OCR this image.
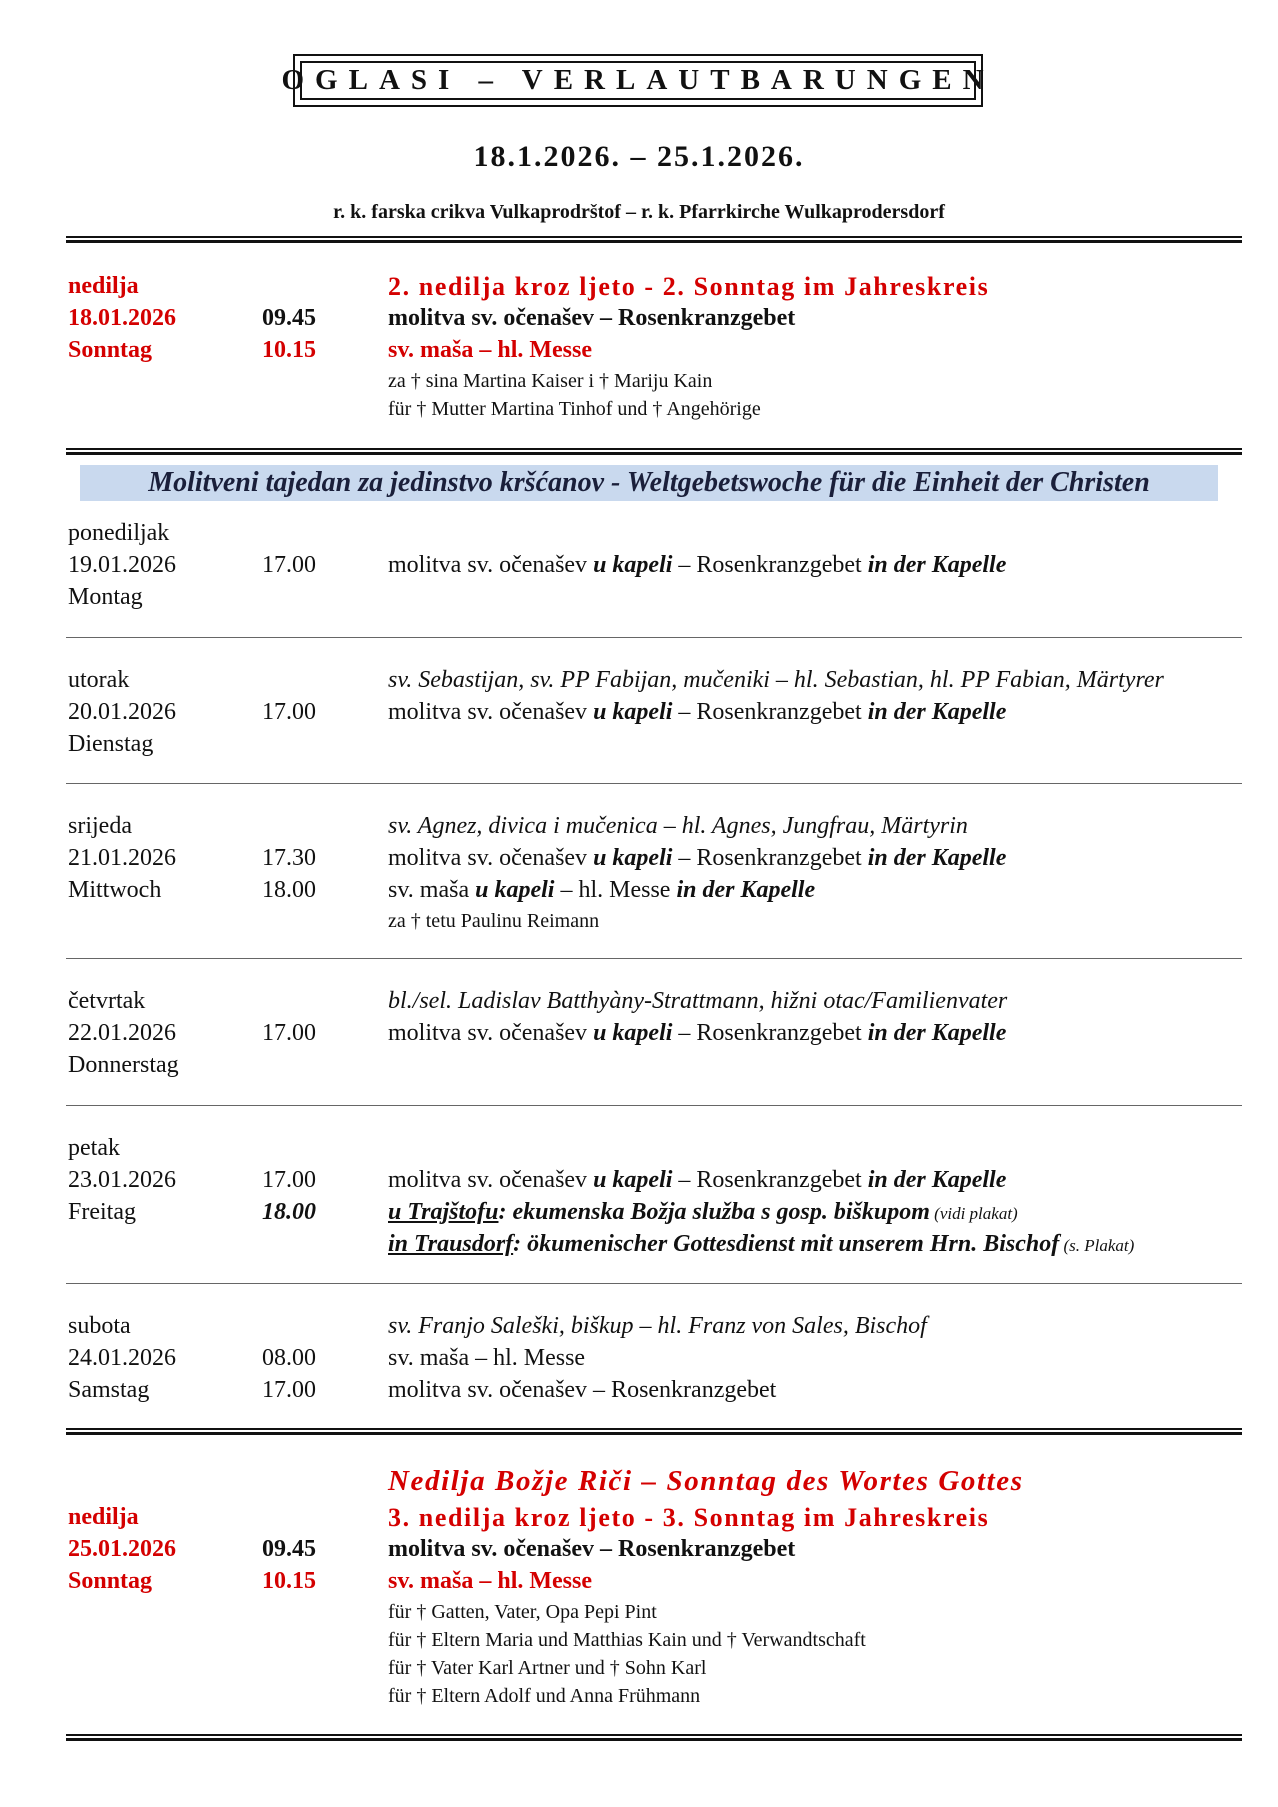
OGLASI – VERLAUTBARUNGEN
18.1.2026. – 25.1.2026.
r. k. farska crikva Vulkaprodrštof – r. k. Pfarrkirche Wulkaprodersdorf
nedilja
18.01.2026
Sonntag
09.45
10.15
2. nedilja kroz ljeto - 2. Sonntag im Jahreskreis
molitva sv. očenašev – Rosenkranzgebet
sv. maša – hl. Messe
za † sina Martina Kaiser i † Mariju Kain
für † Mutter Martina Tinhof und † Angehörige
Molitveni tajedan za jedinstvo kršćanov - Weltgebetswoche für die Einheit der Christen
ponediljak
19.01.2026
Montag
17.00	molitva sv. očenašev u kapeli – Rosenkranzgebet in der Kapelle
utorak
20.01.2026
Dienstag
17.00
sv. Sebastijan, sv. PP Fabijan, mučeniki – hl. Sebastian, hl. PP Fabian, Märtyrer
molitva sv. očenašev u kapeli – Rosenkranzgebet in der Kapelle
srijeda
21.01.2026
Mittwoch
17.30
18.00
sv. Agnez, divica i mučenica – hl. Agnes, Jungfrau, Märtyrin
molitva sv. očenašev u kapeli – Rosenkranzgebet in der Kapelle
sv. maša u kapeli – hl. Messe in der Kapelle
za † tetu Paulinu Reimann
četvrtak
22.01.2026
Donnerstag
17.00
bl./sel. Ladislav Batthyàny-Strattmann, hižni otac/Familienvater
molitva sv. očenašev u kapeli – Rosenkranzgebet in der Kapelle
petak
23.01.2026
Freitag
17.00
18.00
molitva sv. očenašev u kapeli – Rosenkranzgebet in der Kapelle
u Trajštofu: ekumenska Božja služba s gosp. biškupom (vidi plakat)
in Trausdorf: ökumenischer Gottesdienst mit unserem Hrn. Bischof (s. Plakat)
subota
24.01.2026
Samstag
08.00
17.00
sv. Franjo Saleški, biškup – hl. Franz von Sales, Bischof
sv. maša – hl. Messe
molitva sv. očenašev – Rosenkranzgebet
Nedilja Božje Riči – Sonntag des Wortes Gottes
nedilja
25.01.2026
Sonntag
09.45
10.15
3. nedilja kroz ljeto - 3. Sonntag im Jahreskreis
molitva sv. očenašev – Rosenkranzgebet
sv. maša – hl. Messe
für † Gatten, Vater, Opa Pepi Pint
für † Eltern Maria und Matthias Kain und † Verwandtschaft
für † Vater Karl Artner und † Sohn Karl
für † Eltern Adolf und Anna Frühmann
